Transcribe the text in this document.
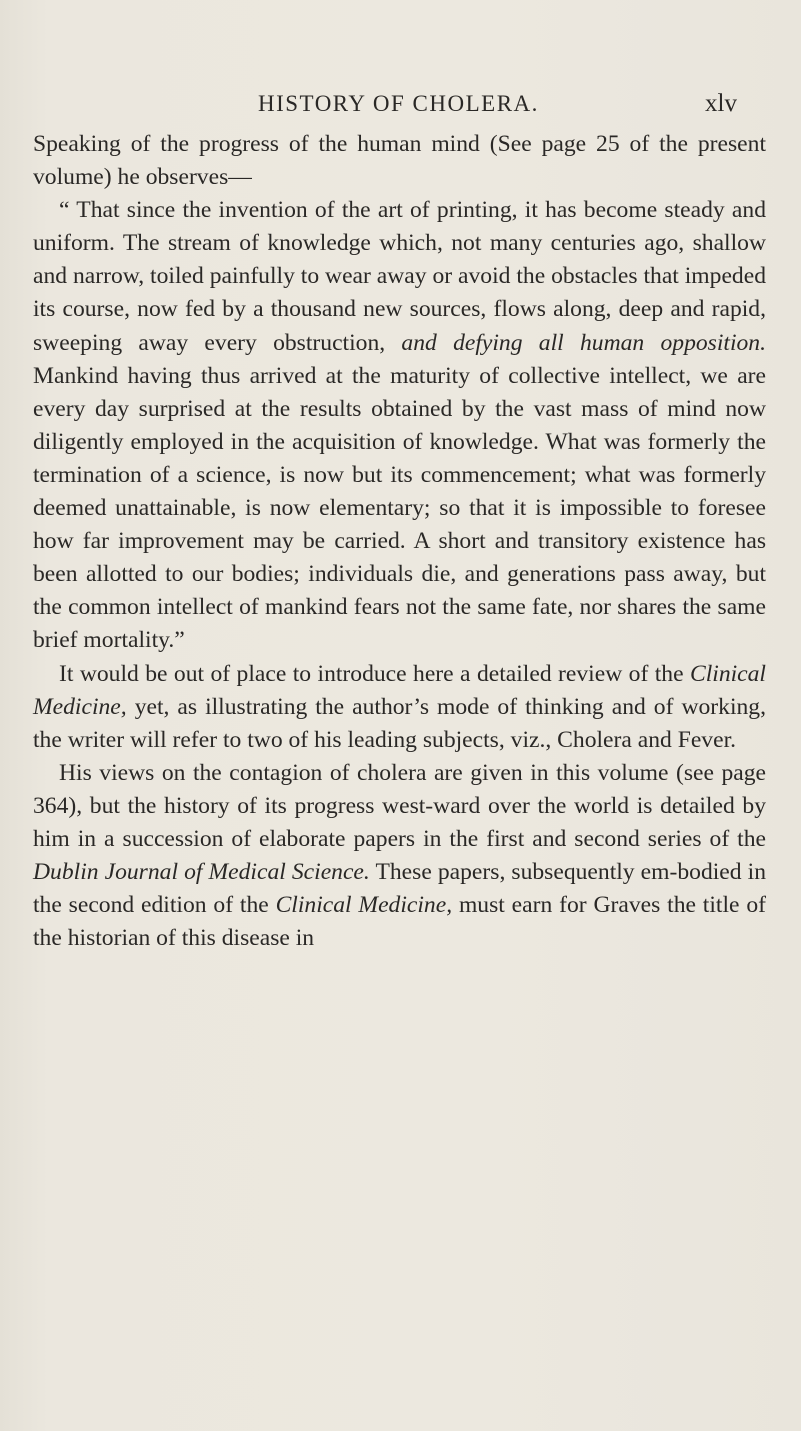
HISTORY OF CHOLERA.	xlv

Speaking of the progress of the human mind (See page 25 of the present volume) he observes—

“ That since the invention of the art of printing, it has become steady and uniform. The stream of knowledge which, not many centuries ago, shallow and narrow, toiled painfully to wear away or avoid the obstacles that impeded its course, now fed by a thousand new sources, flows along, deep and rapid, sweeping away every obstruction, and defying all human opposition. Mankind having thus arrived at the maturity of collective intellect, we are every day surprised at the results obtained by the vast mass of mind now diligently employed in the acquisition of knowledge. What was formerly the termination of a science, is now but its commencement; what was formerly deemed unattainable, is now elementary; so that it is impossible to foresee how far improvement may be carried. A short and transitory existence has been allotted to our bodies; individuals die, and generations pass away, but the common intellect of mankind fears not the same fate, nor shares the same brief mortality.”

It would be out of place to introduce here a detailed review of the Clinical Medicine, yet, as illustrating the author’s mode of thinking and of working, the writer will refer to two of his leading subjects, viz., Cholera and Fever.

His views on the contagion of cholera are given in this volume (see page 364), but the history of its progress west-ward over the world is detailed by him in a succession of elaborate papers in the first and second series of the Dublin Journal of Medical Science. These papers, subsequently em-bodied in the second edition of the Clinical Medicine, must earn for Graves the title of the historian of this disease in
